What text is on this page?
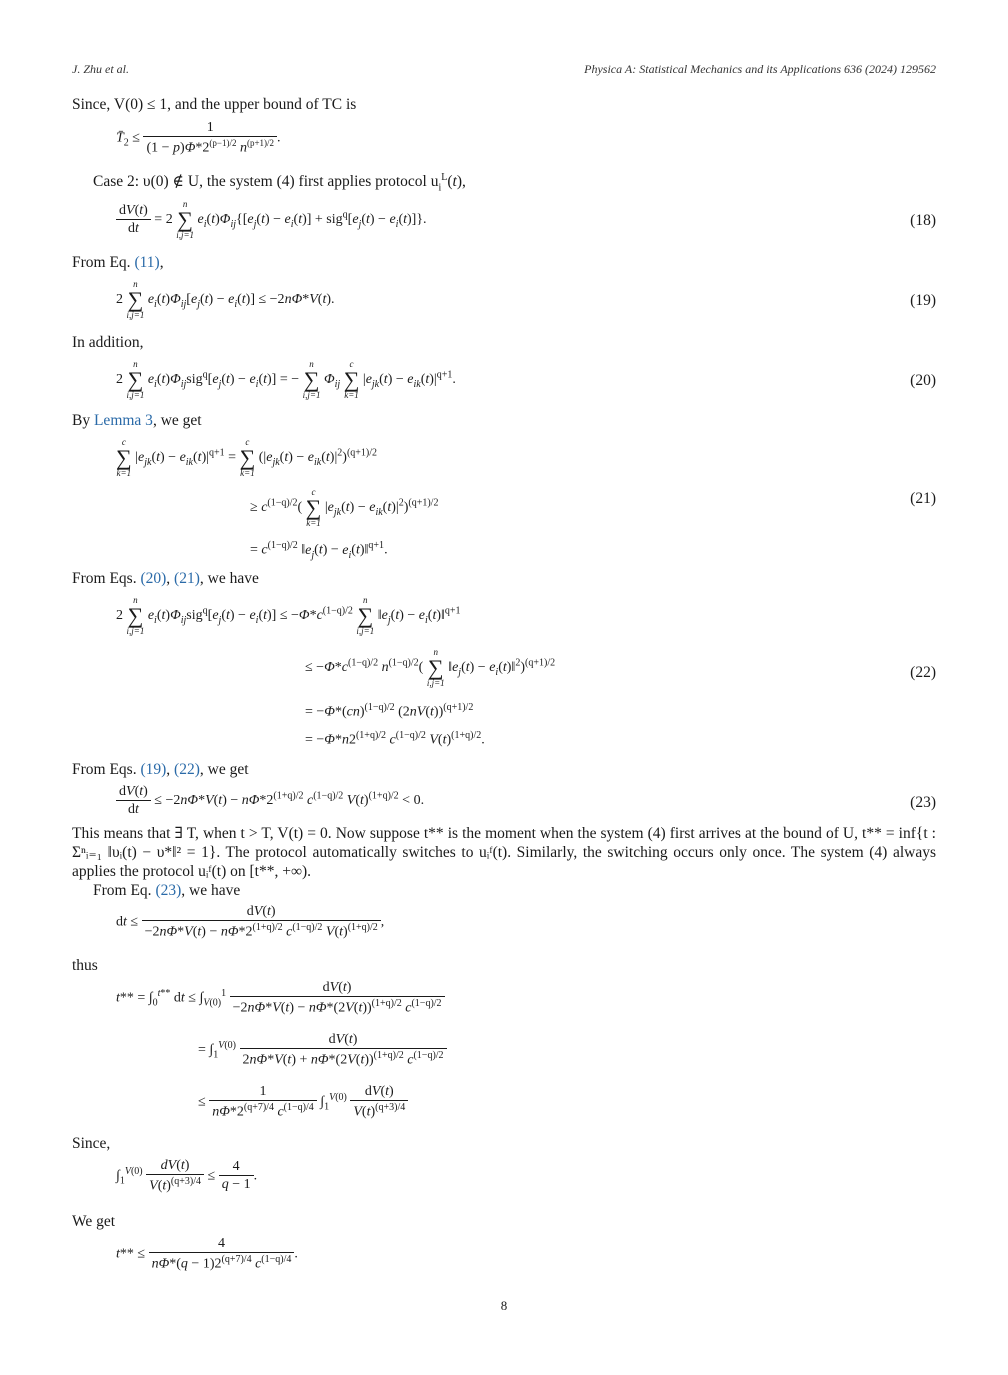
J. Zhu et al.	Physica A: Statistical Mechanics and its Applications 636 (2024) 129562
Since, V(0) ≤ 1, and the upper bound of TC is
$T̄_2 \le \frac{1}{(1 - p)\Phi*2^{(p-1)/2} n^{(p+1)/2}}$ .
Case 2: υ(0) ∉ U, the system (4) first applies protocol $u_i^L(t)$,
$\frac{dV(t)}{dt} = 2$
n
∑
i,j=1
$e_i(t)\Phi_{ij}\{[e_j(t) - e_i(t)] + sig^q[e_j(t) - e_i(t)]\}$.	(18)
From Eq. (11),
2
n
∑
i,j=1
$e_i(t)\Phi_{ij}[e_j(t) - e_i(t)] \le -2n\Phi*V(t)$.	(19)
In addition,
2
n
∑
i,j=1
$e_i(t)\Phi_{ij}sig^q[e_j(t) - e_i(t)]$ = −
n
∑
i,j=1
$\Phi_{ij}$
c
∑
k=1
$|e_{jk}(t) - e_{ik}(t)|^{q+1}$.	(20)
By Lemma 3, we get
c
∑
k=1
$|e_{jk}(t) - e_{ik}(t)|^{q+1}$ =
c
∑
k=1
$(|e_{jk}(t) - e_{ik}(t)|^2)^{(q+1)/2}$
≥ $c^{(1-q)/2}$(
c
∑
k=1
$|e_{jk}(t) - e_{ik}(t)|^2)^{(q+1)/2}$
= $c^{(1-q)/2}$ $‖e_j(t)$ − $e_i(t)‖^{q+1}$.
(21)
From Eqs. (20), (21), we have
2
n
∑
i,j=1
$e_i(t)\Phi_{ij}sig^q[e_j(t) - e_i(t)] \le -\Phi*c^{(1-q)/2}$
n
∑
i,j=1
$‖e_j(t)$ − $e_i(t)‖^{q+1}$
≤ $-\Phi*c^{(1-q)/2}$ $n^{(1-q)/2}$(
n
∑
i,j=1
$‖e_j(t)$ − $e_i(t)‖^2)^{(q+1)/2}$
= −Φ*(cn)$^{(1-q)/2}$ $(2nV(t))^{(q+1)/2}$
= $-\Phi*n2^{(1+q)/2}$ $c^{(1-q)/2}$ $V(t)^{(1+q)/2}$.
(22)
From Eqs. (19), (22), we get
$\frac{dV(t)}{dt} \le -2n\Phi*V(t) - n\Phi*2^{(1+q)/2}$ $c^{(1-q)/2}$ $V(t)^{(1+q)/2} < 0$.	(23)
This means that ∃ T, when t > T, V(t) = 0. Now suppose t** is the moment when the system (4) first arrives at the bound of U, t** = inf{t : Σⁿᵢ₌₁ ‖υᵢ(t) − υ*‖² = 1}. The protocol automatically switches to uᵢᶠ(t). Similarly, the switching occurs only once. The system (4) always applies the protocol uᵢᶠ(t) on [t**, +∞).
From Eq. (23), we have
dt ≤ $\frac{dV(t)}{-2n\Phi*V(t) - n\Phi*2^{(1+q)/2} c^{(1-q)/2} V(t)^{(1+q)/2}}$ ,
thus
$t** = \int_0^{t**}$ dt ≤ $\int_{V(0)}^1 \frac{dV(t)}{-2n\Phi*V(t) - n\Phi*(2V(t))^{(1+q)/2} c^{(1-q)/2}}$
= $\int_1^{V(0)} \frac{dV(t)}{2n\Phi*V(t) + n\Phi*(2V(t))^{(1+q)/2} c^{(1-q)/2}}$
≤ $\frac{1}{n\Phi*2^{(q+7)/4} c^{(1-q)/4}} \int_1^{V(0)} \frac{dV(t)}{V(t)^{(q+3)/4}}$
Since,
$\int_1^{V(0)} \frac{dV(t)}{V(t)^{(q+3)/4}} \le \frac{4}{q - 1}$ .
We get
$t** \le \frac{4}{n\Phi*(q - 1)2^{(q+7)/4} c^{(1-q)/4}}$ .
8
